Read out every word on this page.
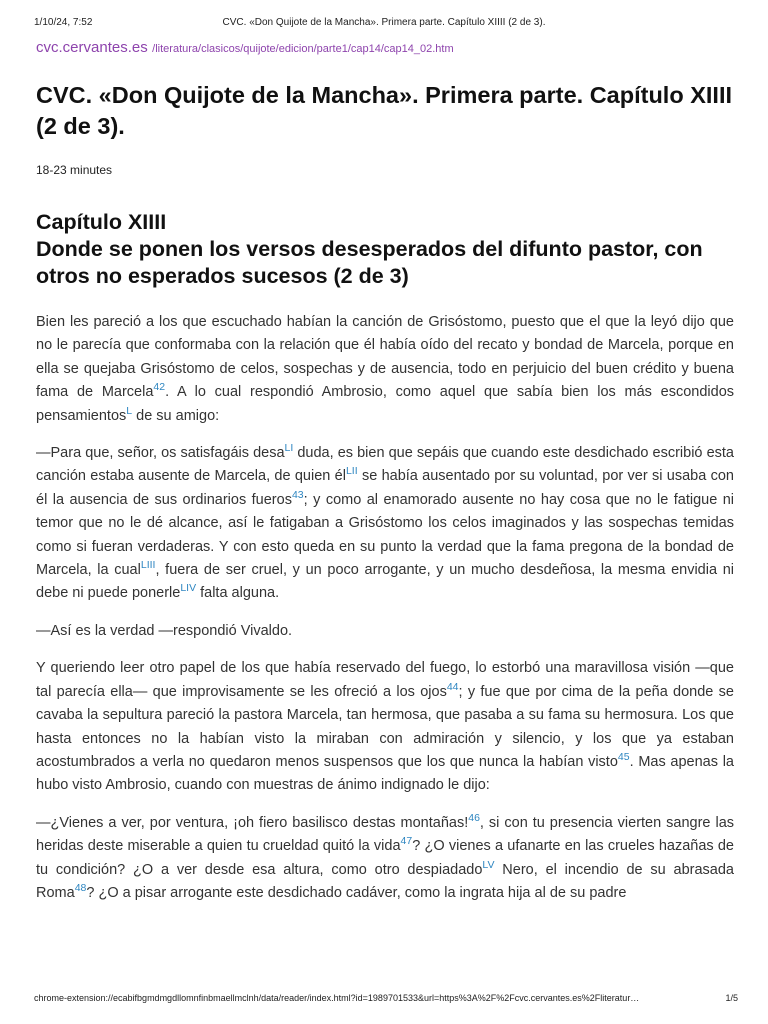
1/10/24, 7:52	CVC. «Don Quijote de la Mancha». Primera parte. Capítulo XIIII (2 de 3).
cvc.cervantes.es /literatura/clasicos/quijote/edicion/parte1/cap14/cap14_02.htm
CVC. «Don Quijote de la Mancha». Primera parte. Capítulo XIIII (2 de 3).
18-23 minutes
Capítulo XIIII
Donde se ponen los versos desesperados del difunto pastor, con otros no esperados sucesos (2 de 3)

Bien les pareció a los que escuchado habían la canción de Grisóstomo, puesto que el que la leyó dijo que no le parecía que conformaba con la relación que él había oído del recato y bondad de Marcela, porque en ella se quejaba Grisóstomo de celos, sospechas y de ausencia, todo en perjuicio del buen crédito y buena fama de Marcela$^{42}$. A lo cual respondió Ambrosio, como aquel que sabía bien los más escondidos pensamientos$^L$ de su amigo:

—Para que, señor, os satisfagáis desa$^{LI}$ duda, es bien que sepáis que cuando este desdichado escribió esta canción estaba ausente de Marcela, de quien $él^{LII}$ se había ausentado por su voluntad, por ver si usaba con él la ausencia de sus ordinarios fueros$^{43}$; y como al enamorado ausente no hay cosa que no le fatigue ni temor que no le dé alcance, así le fatigaban a Grisóstomo los celos imaginados y las sospechas temidas como si fueran verdaderas. Y con esto queda en su punto la verdad que la fama pregona de la bondad de Marcela, la cual$^{LIII}$, fuera de ser cruel, y un poco arrogante, y un mucho desdeñosa, la mesma envidia ni debe ni puede ponerle$^{LIV}$ falta alguna.

—Así es la verdad —respondió Vivaldo.

Y queriendo leer otro papel de los que había reservado del fuego, lo estorbó una maravillosa visión —que tal parecía ella— que improvisamente se les ofreció a los ojos$^{44}$; y fue que por cima de la peña donde se cavaba la sepultura pareció la pastora Marcela, tan hermosa, que pasaba a su fama su hermosura. Los que hasta entonces no la habían visto la miraban con admiración y silencio, y los que ya estaban acostumbrados a verla no quedaron menos suspensos que los que nunca la habían visto$^{45}$. Mas apenas la hubo visto Ambrosio, cuando con muestras de ánimo indignado le dijo:

—¿Vienes a ver, por ventura, ¡oh fiero basilisco destas montañas!$^{46}$, si con tu presencia vierten sangre las heridas deste miserable a quien tu crueldad quitó la vida$^{47}$? ¿O vienes a ufanarte en las crueles hazañas de tu condición? ¿O a ver desde esa altura, como otro despiadado$^{LV}$ Nero, el incendio de su abrasada Roma$^{48}$? ¿O a pisar arrogante este desdichado cadáver, como la ingrata hija al de su padre

chrome-extension://ecabifbgmdmgdllomnfinbmaellmclnh/data/reader/index.html?id=1989701533&url=https%3A%2F%2Fcvc.cervantes.es%2Fliteratur…	1/5
